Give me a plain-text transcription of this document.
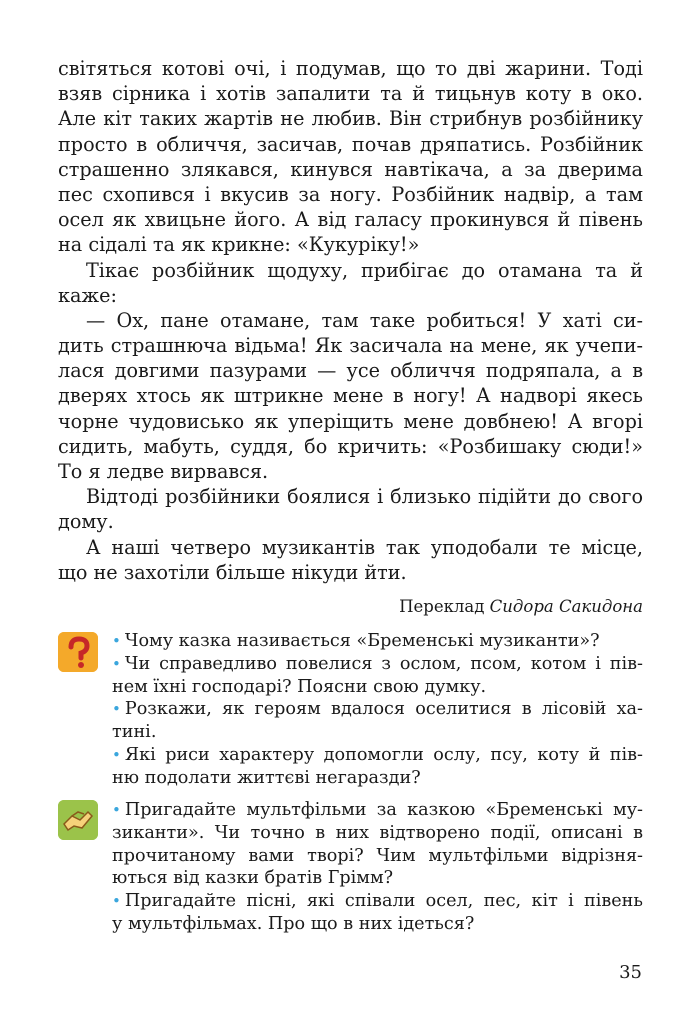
світяться котові очі, і подумав, що то дві жарини. Тоді
взяв сірника і хотів запалити та й тицьнув коту в око.
Але кіт таких жартів не любив. Він стрибнув розбійнику
просто в обличчя, засичав, почав дряпатись. Розбійник
страшенно злякався, кинувся навтікача, а за дверима
пес схопився і вкусив за ногу. Розбійник надвір, а там
осел як хвицьне його. А від галасу прокинувся й півень
на сідалі та як крикне: «Кукуріку!»
Тікає розбійник щодуху, прибігає до отамана та й
каже:
— Ох, пане отамане, там таке робиться! У хаті си-
дить страшнюча відьма! Як засичала на мене, як учепи-
лася довгими пазурами — усе обличчя подряпала, а в
дверях хтось як штрикне мене в ногу! А надворі якесь
чорне чудовисько як уперіщить мене довбнею! А вгорі
сидить, мабуть, суддя, бо кричить: «Розбишаку сюди!»
То я ледве вирвався.
Відтоді розбійники боялися і близько підійти до свого
дому.
А наші четверо музикантів так уподобали те місце,
що не захотіли більше нікуди йти.
Переклад Сидора Сакидона
• Чому казка називається «Бременські музиканти»?
• Чи справедливо повелися з ослом, псом, котом і пів-
нем їхні господарі? Поясни свою думку.
• Розкажи, як героям вдалося оселитися в лісовій ха-
тині.
• Які риси характеру допомогли ослу, псу, коту й пів-
ню подолати життєві негаразди?
• Пригадайте мультфільми за казкою «Бременські му-
зиканти». Чи точно в них відтворено події, описані в
прочитаному вами творі? Чим мультфільми відрізня-
ються від казки братів Грімм?
• Пригадайте пісні, які співали осел, пес, кіт і півень
у мультфільмах. Про що в них ідеться?
35
